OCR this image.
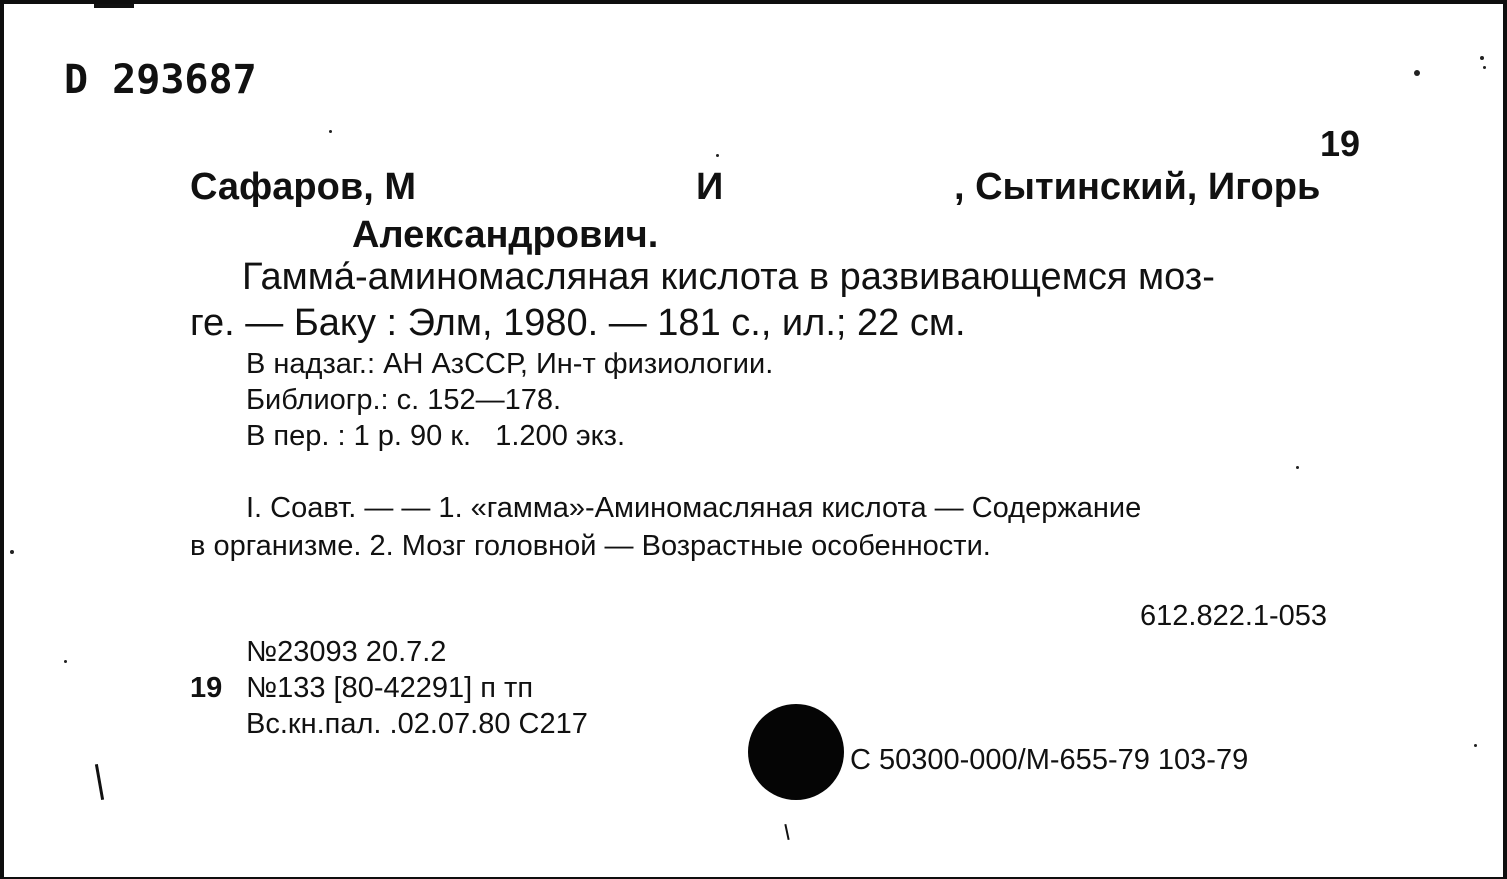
D 293687
19
Сафаров, М	И	, Сытинский, Игорь
Александрович.
Гамма́-аминомасляная кислота в развивающемся моз-
ге. — Баку : Элм, 1980. — 181 с., ил.; 22 см.
В надзаг.: АН АзССР, Ин-т физиологии.
Библиогр.: с. 152—178.
В пер. : 1 р. 90 к.   1.200 экз.
I. Соавт. — — 1. «гамма»-Аминомасляная кислота — Содержание
в организме. 2. Мозг головной — Возрастные особенности.
612.822.1-053
№23093 20.7.2
19 №133 [80-42291] п тп
Вс.кн.пал. .02.07.80 С217
С 50300-000/М-655-79 103-79
